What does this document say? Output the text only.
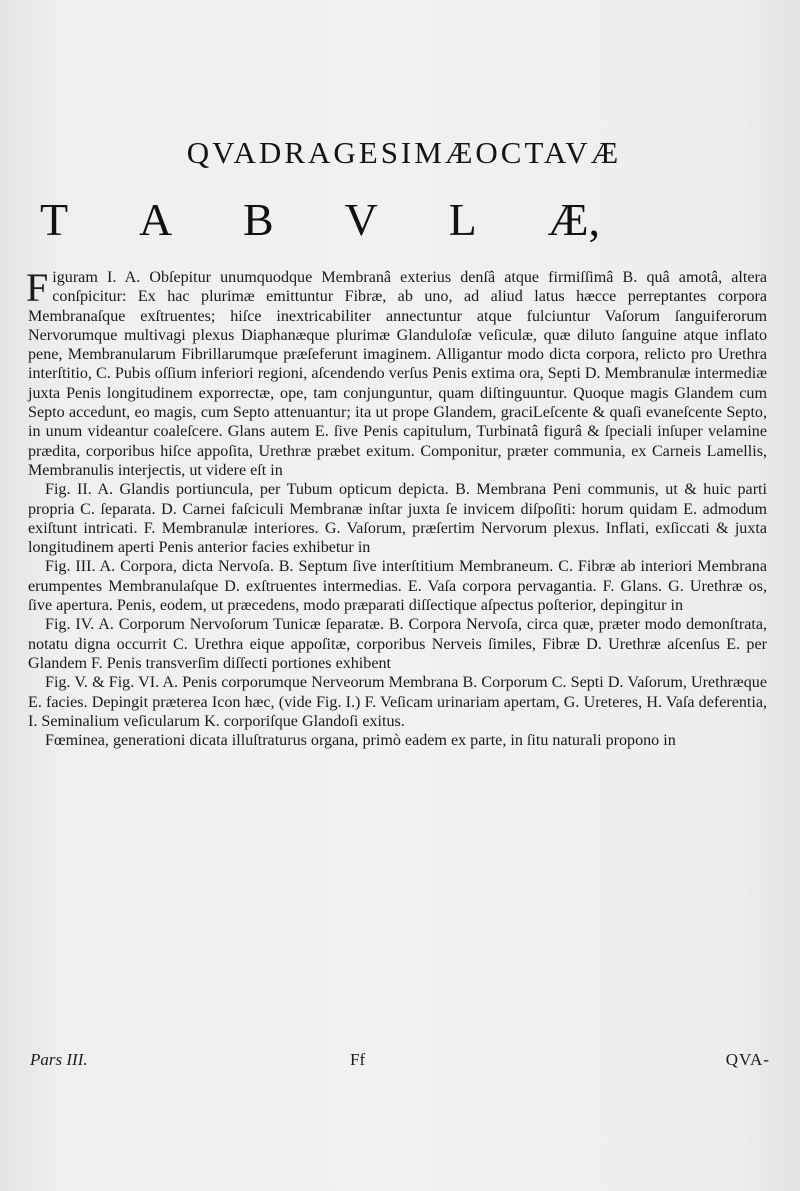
QVADRAGESIMÆOCTAVÆ
T A B V L Æ,

Figuram I. A. Obſepitur unumquodque Membranâ exterius denſâ atque firmiſſimâ B. quâ amotâ, altera conſpicitur: Ex hac plurimæ emittuntur Fibræ, ab uno, ad aliud latus hæcce perreptantes corpora Membranaſque exſtruentes; hiſce inextricabiliter annectuntur atque fulciuntur Vaſorum ſanguiferorum Nervorumque multivagi plexus Diaphanæque plurimæ Glanduloſæ veſiculæ, quæ diluto ſanguine atque inflato pene, Membranularum Fibrillarumque præſeferunt imaginem. Alligantur modo dicta corpora, relicto pro Urethra interſtitio, C. Pubis oſſium inferiori regioni, aſcendendo verſus Penis extima ora, Septi D. Membranulæ intermediæ juxta Penis longitudinem exporrectæ, ope, tam conjunguntur, quam diſtinguuntur. Quoque magis Glandem cum Septo accedunt, eo magis, cum Septo attenuantur; ita ut prope Glandem, graciLeſcente & quaſi evaneſcente Septo, in unum videantur coaleſcere. Glans autem E. ſive Penis capitulum, Turbinatâ figurâ & ſpeciali inſuper velamine prædita, corporibus hiſce appoſita, Urethræ præbet exitum. Componitur, præter communia, ex Carneis Lamellis, Membranulis interjectis, ut videre eſt in

Fig. II. A. Glandis portiuncula, per Tubum opticum depicta. B. Membrana Peni communis, ut & huic parti propria C. ſeparata. D. Carnei faſciculi Membranæ inſtar juxta ſe invicem diſpoſiti: horum quidam E. admodum exiſtunt intricati. F. Membranulæ interiores. G. Vaſorum, præſertim Nervorum plexus. Inflati, exſiccati & juxta longitudinem aperti Penis anterior facies exhibetur in

Fig. III. A. Corpora, dicta Nervoſa. B. Septum ſive interſtitium Membraneum. C. Fibræ ab interiori Membrana erumpentes Membranulaſque D. exſtruentes intermedias. E. Vaſa corpora pervagantia. F. Glans. G. Urethræ os, ſive apertura. Penis, eodem, ut præcedens, modo præparati diſſectique aſpectus poſterior, depingitur in

Fig. IV. A. Corporum Nervoſorum Tunicæ ſeparatæ. B. Corpora Nervoſa, circa quæ, præter modo demonſtrata, notatu digna occurrit C. Urethra eique appoſitæ, corporibus Nerveis ſimiles, Fibræ D. Urethræ aſcenſus E. per Glandem F. Penis transverſim diſſecti portiones exhibent

Fig. V. & Fig. VI. A. Penis corporumque Nerveorum Membrana B. Corporum C. Septi D. Vaſorum, Urethræque E. facies. Depingit præterea Icon hæc, (vide Fig. I.) F. Veſicam urinariam apertam, G. Ureteres, H. Vaſa deferentia, I. Seminalium veſicularum K. corporiſque Glandoſi exitus.

Fœminea, generationi dicata illuſtraturus organa, primò eadem ex parte, in ſitu naturali propono in

Pars III.	Ff	QVA-
